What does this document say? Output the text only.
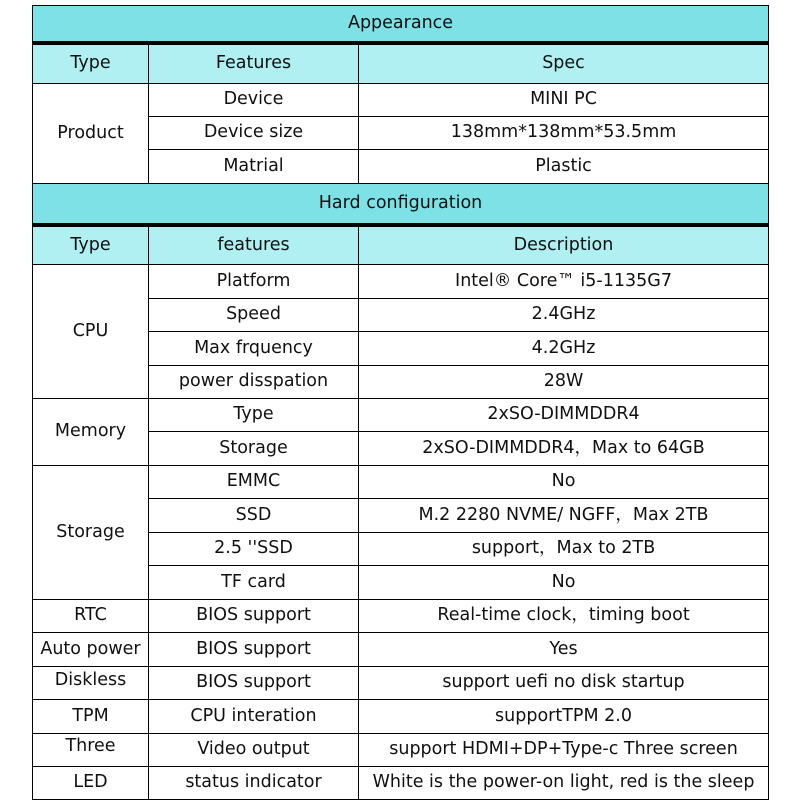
Appearance		
Type	Features	Spec
Product	Device	MINI PC
	Device size	138mm*138mm*53.5mm
	Matrial	Plastic
Hard configuration		
Type	features	Description
CPU	Platform	Intel® Core™ i5-1135G7
	Speed	2.4GHz
	Max frquency	4.2GHz
	power disspation	28W
Memory	Type	2xSO-DIMMDDR4
	Storage	2xSO-DIMMDDR4，Max to 64GB
Storage	EMMC	No
	SSD	M.2 2280 NVME/ NGFF，Max 2TB
	2.5 ''SSD	support，Max to 2TB
	TF card	No
RTC	BIOS support	Real-time clock，timing boot
Auto power	BIOS support	Yes
Diskless	BIOS support	support uefi no disk startup
TPM	CPU interation	supportTPM 2.0
Three	Video output	support HDMI+DP+Type-c Three screen
LED	status indicator	White is the power-on light, red is the sleep
